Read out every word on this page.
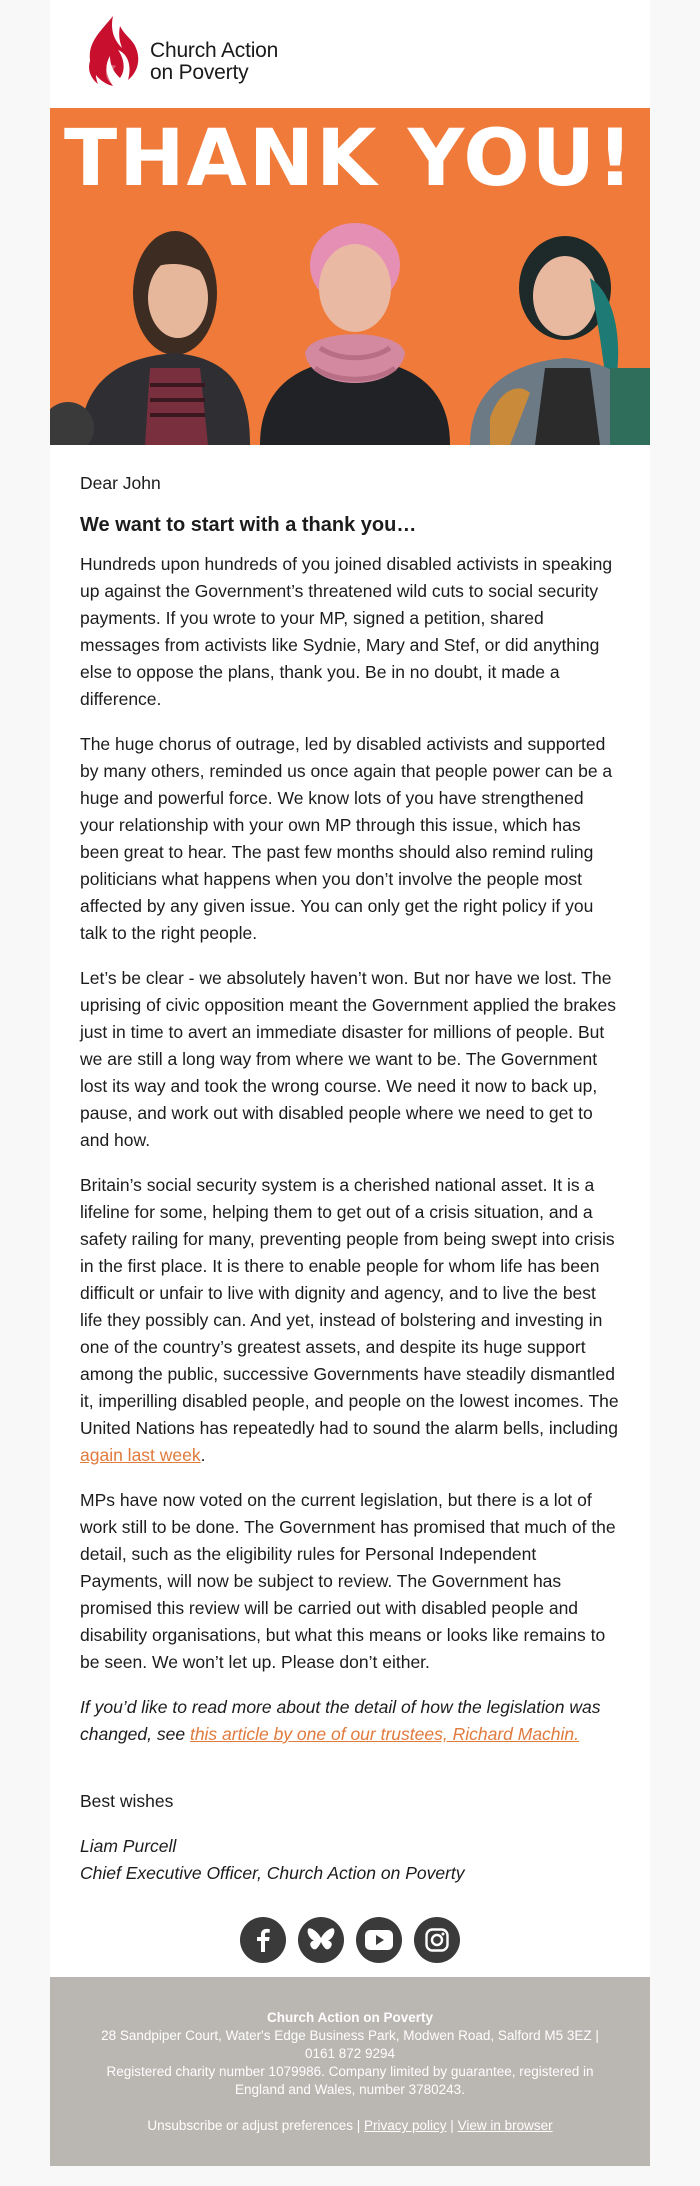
Church Action
on Poverty
THANK YOU!

Dear John

We want to start with a thank you…

Hundreds upon hundreds of you joined disabled activists in speaking up against the Government’s threatened wild cuts to social security payments. If you wrote to your MP, signed a petition, shared messages from activists like Sydnie, Mary and Stef, or did anything else to oppose the plans, thank you. Be in no doubt, it made a difference.

The huge chorus of outrage, led by disabled activists and supported by many others, reminded us once again that people power can be a huge and powerful force. We know lots of you have strengthened your relationship with your own MP through this issue, which has been great to hear. The past few months should also remind ruling politicians what happens when you don’t involve the people most affected by any given issue. You can only get the right policy if you talk to the right people.

Let’s be clear - we absolutely haven’t won. But nor have we lost. The uprising of civic opposition meant the Government applied the brakes just in time to avert an immediate disaster for millions of people. But we are still a long way from where we want to be. The Government lost its way and took the wrong course. We need it now to back up, pause, and work out with disabled people where we need to get to and how.

Britain’s social security system is a cherished national asset. It is a lifeline for some, helping them to get out of a crisis situation, and a safety railing for many, preventing people from being swept into crisis in the first place. It is there to enable people for whom life has been difficult or unfair to live with dignity and agency, and to live the best life they possibly can. And yet, instead of bolstering and investing in one of the country’s greatest assets, and despite its huge support among the public, successive Governments have steadily dismantled it, imperilling disabled people, and people on the lowest incomes. The United Nations has repeatedly had to sound the alarm bells, including again last week.

MPs have now voted on the current legislation, but there is a lot of work still to be done. The Government has promised that much of the detail, such as the eligibility rules for Personal Independent Payments, will now be subject to review. The Government has promised this review will be carried out with disabled people and disability organisations, but what this means or looks like remains to be seen. We won’t let up. Please don’t either.

If you’d like to read more about the detail of how the legislation was changed, see this article by one of our trustees, Richard Machin.

Best wishes

Liam Purcell
Chief Executive Officer, Church Action on Poverty

Church Action on Poverty
28 Sandpiper Court, Water's Edge Business Park, Modwen Road, Salford M5 3EZ | 0161 872 9294
Registered charity number 1079986. Company limited by guarantee, registered in England and Wales, number 3780243.
Unsubscribe or adjust preferences | Privacy policy | View in browser
